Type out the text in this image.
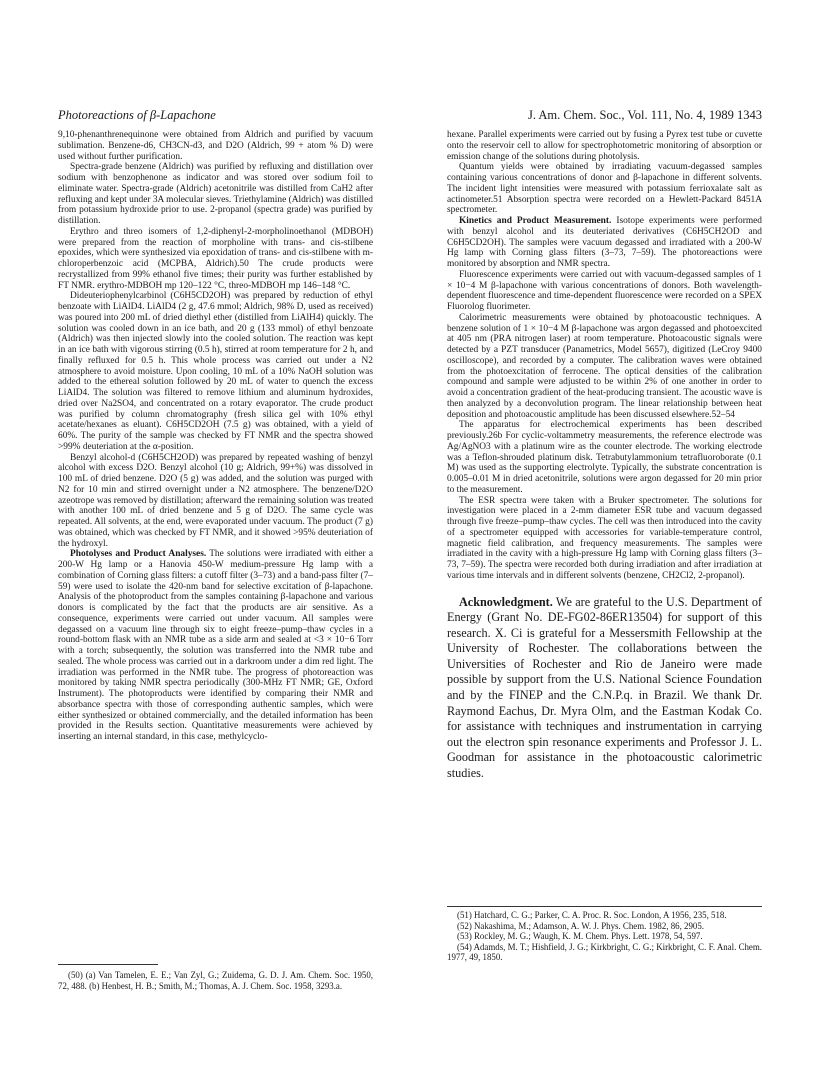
Photoreactions of β-Lapachone	J. Am. Chem. Soc., Vol. 111, No. 4, 1989 1343

9,10-phenanthrenequinone were obtained from Aldrich and purified by vacuum sublimation. Benzene-d6, CH3CN-d3, and D2O (Aldrich, 99 + atom % D) were used without further purification.

Spectra-grade benzene (Aldrich) was purified by refluxing and distillation over sodium with benzophenone as indicator and was stored over sodium foil to eliminate water. Spectra-grade (Aldrich) acetonitrile was distilled from CaH2 after refluxing and kept under 3A molecular sieves. Triethylamine (Aldrich) was distilled from potassium hydroxide prior to use. 2-propanol (spectra grade) was purified by distillation.

Erythro and threo isomers of 1,2-diphenyl-2-morpholinoethanol (MDBOH) were prepared from the reaction of morpholine with trans- and cis-stilbene epoxides, which were synthesized via epoxidation of trans- and cis-stilbene with m-chloroperbenzoic acid (MCPBA, Aldrich).50 The crude products were recrystallized from 99% ethanol five times; their purity was further established by FT NMR. erythro-MDBOH mp 120–122 °C, threo-MDBOH mp 146–148 °C.

Dideuteriophenylcarbinol (C6H5CD2OH) was prepared by reduction of ethyl benzoate with LiAlD4. LiAlD4 (2 g, 47.6 mmol; Aldrich, 98% D, used as received) was poured into 200 mL of dried diethyl ether (distilled from LiAlH4) quickly. The solution was cooled down in an ice bath, and 20 g (133 mmol) of ethyl benzoate (Aldrich) was then injected slowly into the cooled solution. The reaction was kept in an ice bath with vigorous stirring (0.5 h), stirred at room temperature for 2 h, and finally refluxed for 0.5 h. This whole process was carried out under a N2 atmosphere to avoid moisture. Upon cooling, 10 mL of a 10% NaOH solution was added to the ethereal solution followed by 20 mL of water to quench the excess LiAlD4. The solution was filtered to remove lithium and aluminum hydroxides, dried over Na2SO4, and concentrated on a rotary evaporator. The crude product was purified by column chromatography (fresh silica gel with 10% ethyl acetate/hexanes as eluant). C6H5CD2OH (7.5 g) was obtained, with a yield of 60%. The purity of the sample was checked by FT NMR and the spectra showed >99% deuteriation at the α-position.

Benzyl alcohol-d (C6H5CH2OD) was prepared by repeated washing of benzyl alcohol with excess D2O. Benzyl alcohol (10 g; Aldrich, 99+%) was dissolved in 100 mL of dried benzene. D2O (5 g) was added, and the solution was purged with N2 for 10 min and stirred overnight under a N2 atmosphere. The benzene/D2O azeotrope was removed by distillation; afterward the remaining solution was treated with another 100 mL of dried benzene and 5 g of D2O. The same cycle was repeated. All solvents, at the end, were evaporated under vacuum. The product (7 g) was obtained, which was checked by FT NMR, and it showed >95% deuteriation of the hydroxyl.

Photolyses and Product Analyses. The solutions were irradiated with either a 200-W Hg lamp or a Hanovia 450-W medium-pressure Hg lamp with a combination of Corning glass filters: a cutoff filter (3–73) and a band-pass filter (7–59) were used to isolate the 420-nm band for selective excitation of β-lapachone. Analysis of the photoproduct from the samples containing β-lapachone and various donors is complicated by the fact that the products are air sensitive. As a consequence, experiments were carried out under vacuum. All samples were degassed on a vacuum line through six to eight freeze–pump–thaw cycles in a round-bottom flask with an NMR tube as a side arm and sealed at <3 × 10−6 Torr with a torch; subsequently, the solution was transferred into the NMR tube and sealed. The whole process was carried out in a darkroom under a dim red light. The irradiation was performed in the NMR tube. The progress of photoreaction was monitored by taking NMR spectra periodically (300-MHz FT NMR; GE, Oxford Instrument). The photoproducts were identified by comparing their NMR and absorbance spectra with those of corresponding authentic samples, which were either synthesized or obtained commercially, and the detailed information has been provided in the Results section. Quantitative measurements were achieved by inserting an internal standard, in this case, methylcyclo-

(50) (a) Van Tamelen, E. E.; Van Zyl, G.; Zuidema, G. D. J. Am. Chem. Soc. 1950, 72, 488. (b) Henbest, H. B.; Smith, M.; Thomas, A. J. Chem. Soc. 1958, 3293.a.

hexane. Parallel experiments were carried out by fusing a Pyrex test tube or cuvette onto the reservoir cell to allow for spectrophotometric monitoring of absorption or emission change of the solutions during photolysis.

Quantum yields were obtained by irradiating vacuum-degassed samples containing various concentrations of donor and β-lapachone in different solvents. The incident light intensities were measured with potassium ferrioxalate salt as actinometer.51 Absorption spectra were recorded on a Hewlett-Packard 8451A spectrometer.

Kinetics and Product Measurement. Isotope experiments were performed with benzyl alcohol and its deuteriated derivatives (C6H5CH2OD and C6H5CD2OH). The samples were vacuum degassed and irradiated with a 200-W Hg lamp with Corning glass filters (3–73, 7–59). The photoreactions were monitored by absorption and NMR spectra.

Fluorescence experiments were carried out with vacuum-degassed samples of 1 × 10−4 M β-lapachone with various concentrations of donors. Both wavelength-dependent fluorescence and time-dependent fluorescence were recorded on a SPEX Fluorolog fluorimeter.

Calorimetric measurements were obtained by photoacoustic techniques. A benzene solution of 1 × 10−4 M β-lapachone was argon degassed and photoexcited at 405 nm (PRA nitrogen laser) at room temperature. Photoacoustic signals were detected by a PZT transducer (Panametrics, Model 5657), digitized (LeCroy 9400 oscilloscope), and recorded by a computer. The calibration waves were obtained from the photoexcitation of ferrocene. The optical densities of the calibration compound and sample were adjusted to be within 2% of one another in order to avoid a concentration gradient of the heat-producing transient. The acoustic wave is then analyzed by a deconvolution program. The linear relationship between heat deposition and photoacoustic amplitude has been discussed elsewhere.52–54

The apparatus for electrochemical experiments has been described previously.26b For cyclic-voltammetry measurements, the reference electrode was Ag/AgNO3 with a platinum wire as the counter electrode. The working electrode was a Teflon-shrouded platinum disk. Tetrabutylammonium tetrafluoroborate (0.1 M) was used as the supporting electrolyte. Typically, the substrate concentration is 0.005–0.01 M in dried acetonitrile, solutions were argon degassed for 20 min prior to the measurement.

The ESR spectra were taken with a Bruker spectrometer. The solutions for investigation were placed in a 2-mm diameter ESR tube and vacuum degassed through five freeze–pump–thaw cycles. The cell was then introduced into the cavity of a spectrometer equipped with accessories for variable-temperature control, magnetic field calibration, and frequency measurements. The samples were irradiated in the cavity with a high-pressure Hg lamp with Corning glass filters (3–73, 7–59). The spectra were recorded both during irradiation and after irradiation at various time intervals and in different solvents (benzene, CH2Cl2, 2-propanol).

Acknowledgment. We are grateful to the U.S. Department of Energy (Grant No. DE-FG02-86ER13504) for support of this research. X. Ci is grateful for a Messersmith Fellowship at the University of Rochester. The collaborations between the Universities of Rochester and Rio de Janeiro were made possible by support from the U.S. National Science Foundation and by the FINEP and the C.N.P.q. in Brazil. We thank Dr. Raymond Eachus, Dr. Myra Olm, and the Eastman Kodak Co. for assistance with techniques and instrumentation in carrying out the electron spin resonance experiments and Professor J. L. Goodman for assistance in the photoacoustic calorimetric studies.

(51) Hatchard, C. G.; Parker, C. A. Proc. R. Soc. London, A 1956, 235, 518.

(52) Nakashima, M.; Adamson, A. W. J. Phys. Chem. 1982, 86, 2905.

(53) Rockley, M. G.; Waugh, K. M. Chem. Phys. Lett. 1978, 54, 597.

(54) Adamds, M. T.; Hishfield, J. G.; Kirkbright, C. G.; Kirkbright, C. F. Anal. Chem. 1977, 49, 1850.
